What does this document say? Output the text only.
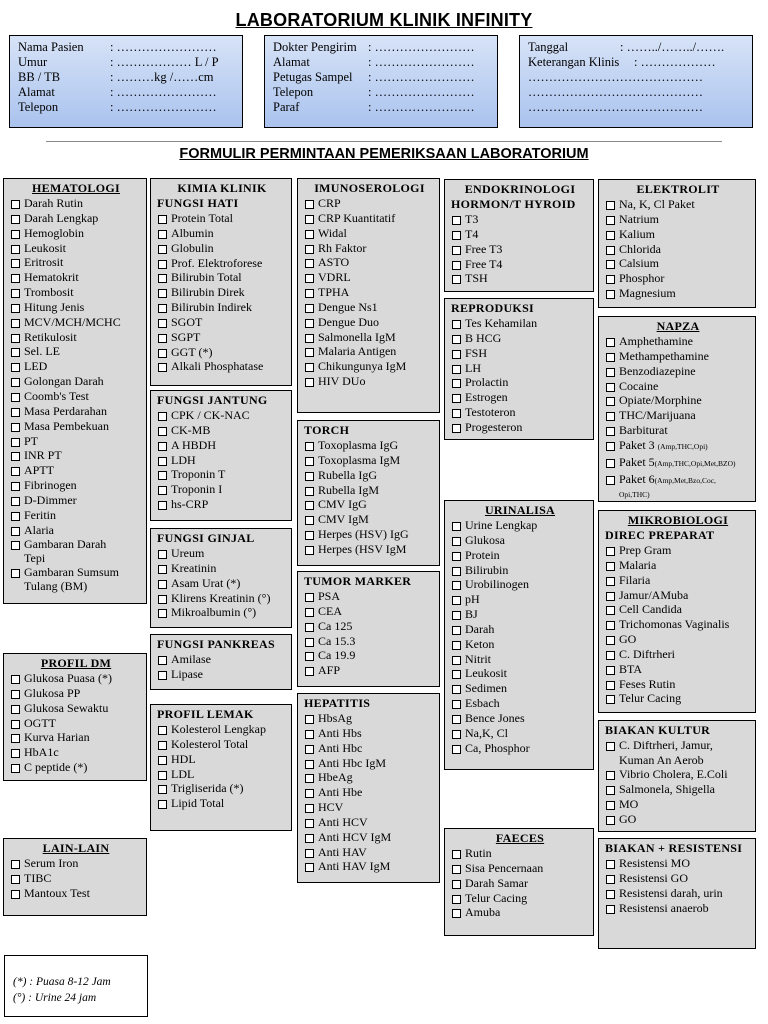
LABORATORIUM KLINIK INFINITY
Nama Pasien	: ……………………
Umur	: ……………… L / P
BB / TB	: ………kg /……cm
Alamat	: ……………………
Telepon	: ……………………
Dokter Pengirim : ……………………
Alamat	: ……………………
Petugas Sampel	: ……………………
Telepon	: ……………………
Paraf	: ……………………
Tanggal	: ……../……../…….
Keterangan Klinis	: ………………
……………………………………
……………………………………
……………………………………
FORMULIR PERMINTAAN PEMERIKSAAN LABORATORIUM
HEMATOLOGI
Darah Rutin
Darah Lengkap
Hemoglobin
Leukosit
Eritrosit
Hematokrit
Trombosit
Hitung Jenis
MCV/MCH/MCHC
Retikulosit
Sel. LE
LED
Golongan Darah
Coomb's Test
Masa Perdarahan
Masa Pembekuan
PT
INR PT
APTT
Fibrinogen
D-Dimmer
Feritin
Alaria
Gambaran Darah Tepi
Gambaran Sumsum Tulang (BM)
PROFIL DM
Glukosa Puasa (*)
Glukosa PP
Glukosa Sewaktu
OGTT
Kurva Harian
HbA1c
C peptide (*)
LAIN-LAIN
Serum Iron
TIBC
Mantoux Test
(*) : Puasa 8-12 Jam
(°) : Urine 24 jam
KIMIA KLINIK
FUNGSI HATI
Protein Total
Albumin
Globulin
Prof. Elektroforese
Bilirubin Total
Bilirubin Direk
Bilirubin Indirek
SGOT
SGPT
GGT (*)
Alkali Phosphatase
FUNGSI JANTUNG
CPK / CK-NAC
CK-MB
A HBDH
LDH
Troponin T
Troponin I
hs-CRP
FUNGSI GINJAL
Ureum
Kreatinin
Asam Urat (*)
Klirens Kreatinin (°)
Mikroalbumin (°)
FUNGSI PANKREAS
Amilase
Lipase
PROFIL LEMAK
Kolesterol Lengkap
Kolesterol Total
HDL
LDL
Trigliserida (*)
Lipid Total
IMUNOSEROLOGI
CRP
CRP Kuantitatif
Widal
Rh Faktor
ASTO
VDRL
TPHA
Dengue Ns1
Dengue Duo
Salmonella IgM
Malaria Antigen
Chikungunya IgM
HIV DUo
TORCH
Toxoplasma IgG
Toxoplasma IgM
Rubella IgG
Rubella IgM
CMV IgG
CMV IgM
Herpes (HSV) IgG
Herpes (HSV IgM
TUMOR MARKER
PSA
CEA
Ca 125
Ca 15.3
Ca 19.9
AFP
HEPATITIS
HbsAg
Anti Hbs
Anti Hbc
Anti Hbc IgM
HbeAg
Anti Hbe
HCV
Anti HCV
Anti HCV IgM
Anti HAV
Anti HAV IgM
ENDOKRINOLOGI
HORMON/T HYROID
T3
T4
Free T3
Free T4
TSH
REPRODUKSI
Tes Kehamilan
B HCG
FSH
LH
Prolactin
Estrogen
Testoteron
Progesteron
URINALISA
Urine Lengkap
Glukosa
Protein
Bilirubin
Urobilinogen
pH
BJ
Darah
Keton
Nitrit
Leukosit
Sedimen
Esbach
Bence Jones
Na,K, Cl
Ca, Phosphor
FAECES
Rutin
Sisa Pencernaan
Darah Samar
Telur Cacing
Amuba
ELEKTROLIT
Na, K, Cl Paket
Natrium
Kalium
Chlorida
Calsium
Phosphor
Magnesium
NAPZA
Amphethamine
Methampethamine
Benzodiazepine
Cocaine
Opiate/Morphine
THC/Marijuana
Barbiturat
Paket 3 (Amp,THC,Opi)
Paket 5(Amp,THC,Opi,Met,BZO)
Paket 6(Amp,Met,Bzo,Coc,
Opi,THC)
MIKROBIOLOGI
DIREC PREPARAT
Prep Gram
Malaria
Filaria
Jamur/AMuba
Cell Candida
Trichomonas Vaginalis
GO
C. Diftrheri
BTA
Feses Rutin
Telur Cacing
BIAKAN KULTUR
C. Diftrheri, Jamur,
Kuman An Aerob
Vibrio Cholera, E.Coli
Salmonela, Shigella
MO
GO
BIAKAN + RESISTENSI
Resistensi MO
Resistensi GO
Resistensi darah, urin
Resistensi anaerob
